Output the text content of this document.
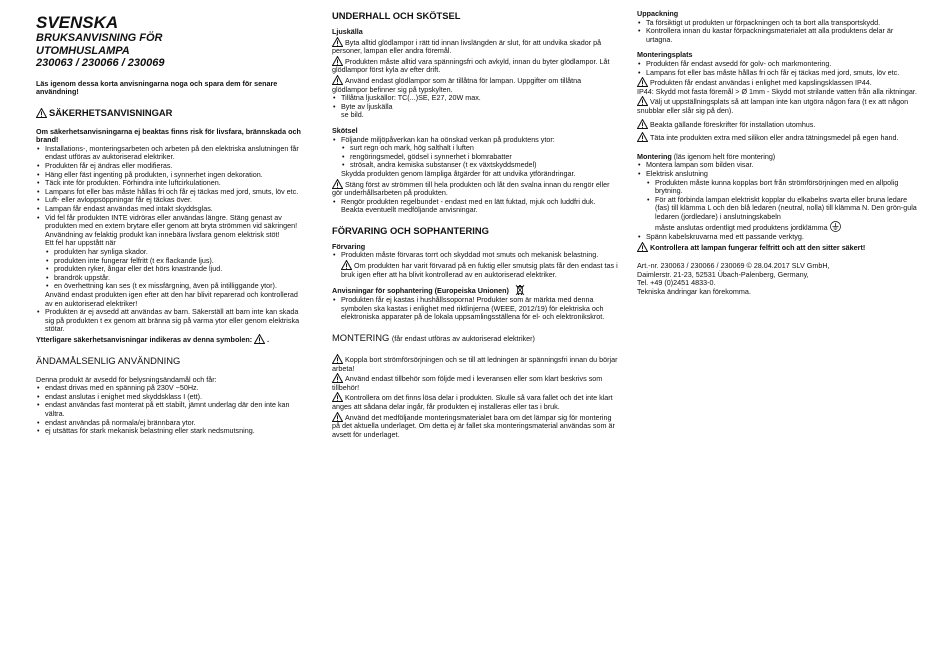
SVENSKA
BRUKSANVISNING FÖR
UTOMHUSLAMPA
230063 / 230066 / 230069

Läs igenom dessa korta anvisningarna noga och spara dem för senare användning!

SÄKERHETSANVISNINGAR

Om säkerhetsanvisningarna ej beaktas finns risk för livsfara, brännskada och brand!

• Installations-, monteringsarbeten och arbeten på den elektriska anslutningen får endast utföras av auktoriserad elektriker.
• Produkten får ej ändras eller modifieras.
• Häng eller fäst ingenting på produkten, i synnerhet ingen dekoration.
• Täck inte för produkten. Förhindra inte luftcirkulationen.
• Lampans fot eller bas måste hållas fri och får ej täckas med jord, smuts, löv etc.
• Luft- eller avloppsöppningar får ej täckas över.
• Lampan får endast användas med intakt skyddsglas.
• Vid fel får produkten INTE vidröras eller användas längre. Stäng genast av produkten med en extern brytare eller genom att bryta strömmen vid säkringen! Användning av felaktig produkt kan innebära livsfara genom elektrisk stöt!

Ett fel har uppstått när

• produkten har synliga skador.
• produkten inte fungerar felfritt (t ex flackande ljus).
• produkten ryker, ångar eller det hörs knastrande ljud.
• brandrök uppstår.
• en överhettning kan ses (t ex missfärgning, även på intilliggande ytor).

Använd endast produkten igen efter att den har blivit reparerad och kontrollerad av en auktoriserad elektriker!

• Produkten är ej avsedd att användas av barn. Säkerställ att barn inte kan skada sig på produkten t ex genom att bränna sig på varma ytor eller genom elektriska stötar.

Ytterligare säkerhetsanvisningar indikeras av denna symbolen: .

ÄNDAMÅLSENLIG ANVÄNDNING

Denna produkt är avsedd för belysningsändamål och får:

• endast drivas med en spänning på 230V ~50Hz.
• endast anslutas i enighet med skyddsklass I (ett).
• endast användas fast monterat på ett stabilt, jämnt underlag där den inte kan vältra.
• endast användas på normala/ej brännbara ytor.
• ej utsättas för stark mekanisk belastning eller stark nedsmutsning.
UNDERHALL OCH SKÖTSEL

Ljuskälla

Byta alltid glödlampor i rätt tid innan livslängden är slut, för att undvika skador på personer, lampan eller andra föremål.

Produkten måste alltid vara spänningsfri och avkyld, innan du byter glödlampor. Låt glödlampor först kyla av efter drift.

Använd endast glödlampor som är tillåtna för lampan. Uppgifter om tillåtna glödlampor befinner sig på typskylten.

• Tillåtna ljuskällor: TC(...)SE, E27, 20W max.
• Byte av ljuskälla

se bild.

Skötsel

• Följande miljöpåverkan kan ha oönskad verkan på produktens ytor:
• surt regn och mark, hög salthalt i luften
• rengöringsmedel, gödsel i synnerhet i blomrabatter
• strösalt, andra kemiska substanser (t ex växtskyddsmedel)

Skydda produkten genom lämpliga åtgärder för att undvika ytförändringar.

Stäng först av strömmen till hela produkten och låt den svalna innan du rengör eller gör underhållsarbeten på produkten.

• Rengör produkten regelbundet - endast med en lätt fuktad, mjuk och luddfri duk. Beakta eventuellt medföljande anvisningar.
FÖRVARING OCH SOPHANTERING

Förvaring

• Produkten måste förvaras torrt och skyddad mot smuts och mekanisk belastning.

Om produkten har varit förvarad på en fuktig eller smutsig plats får den endast tas i bruk igen efter att ha blivit kontrollerad av en auktoriserad elektriker.

Anvisningar för sophantering (Europeiska Unionen)

• Produkten får ej kastas i hushållssoporna! Produkter som är märkta med denna symbolen ska kastas i enlighet med riktlinjerna (WEEE, 2012/19) för elektriska och elektroniska apparater på de lokala uppsamlingsställena för el- och elektronikskrot.

MONTERING (får endast utföras av auktoriserad elektriker)

Koppla bort strömförsörjningen och se till att ledningen är spänningsfri innan du börjar arbeta!

Använd endast tillbehör som följde med i leveransen eller som klart beskrivs som tillbehör!

Kontrollera om det finns lösa delar i produkten. Skulle så vara fallet och det inte klart anges att sådana delar ingår, får produkten ej installeras eller tas i bruk.

Använd det medföljande monteringsmaterialet bara om det lämpar sig för montering på det aktuella underlaget. Om detta ej är fallet ska monteringsmaterial användas som är avsett för underlaget.

Uppackning

• Ta försiktigt ut produkten ur förpackningen och ta bort alla transportskydd.
• Kontrollera innan du kastar förpackningsmaterialet att alla produktens delar är urtagna.

Monteringsplats

• Produkten får endast avsedd för golv- och markmontering.
• Lampans fot eller bas måste hållas fri och får ej täckas med jord, smuts, löv etc.

Produkten får endast användas i enlighet med kapslingsklassen IP44.

IP44: Skydd mot fasta föremål > Ø 1mm - Skydd mot strilande vatten från alla riktningar.

Välj ut uppställningsplats så att lampan inte kan utgöra någon fara (t ex att någon snubblar eller slår sig på den).

Beakta gällande föreskrifter för installation utomhus.

Täta inte produkten extra med silikon eller andra tätningsmedel på egen hand.

Montering (läs igenom helt före montering)

• Montera lampan som bilden visar.
• Elektrisk anslutning
• Produkten måste kunna kopplas bort från strömförsörjningen med en allpolig brytning.
• För att förbinda lampan elektriskt kopplar du elkabelns svarta eller bruna ledare (fas) till klämma L och den blå ledaren (neutral, nolla) till klämma N. Den grön-gula ledaren (jordledare) i anslutningskabeln

måste anslutas ordentligt med produktens jordklämma

• Spänn kabelskruvarna med ett passande verktyg.

Kontrollera att lampan fungerar felfritt och att den sitter säkert!

Art.-nr. 230063 / 230066 / 230069 © 28.04.2017 SLV GmbH,

Daimlerstr. 21-23, 52531 Übach-Palenberg, Germany,

Tel. +49 (0)2451 4833-0.

Tekniska ändringar kan förekomma.
